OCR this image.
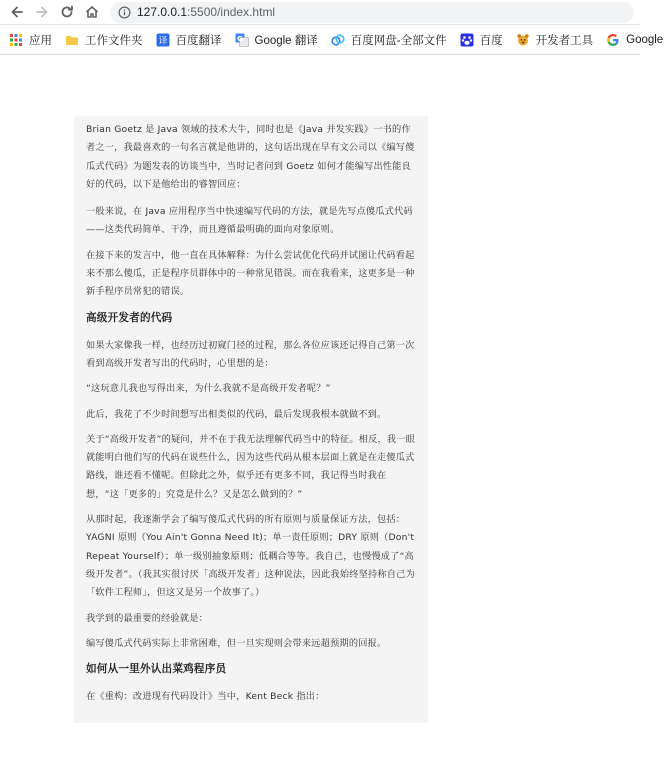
127.0.0.1:5500/index.html
应用	工作文件夹 译 百度翻译 G Google 翻译	百度网盘-全部文件	百度	开发者工具	Google

Brian Goetz 是 Java 领域的技术大牛，同时也是《Java 并发实践》一书的作者之一，我最喜欢的一句名言就是他讲的，这句话出现在早有文公司以《编写傻瓜式代码》为题发表的访谈当中，当时记者问到 Goetz 如何才能编写出性能良好的代码，以下是他给出的睿智回应：

一般来说，在 Java 应用程序当中快速编写代码的方法，就是先写点傻瓜式代码——这类代码简单、干净，而且遵循最明确的面向对象原则。

在接下来的发言中，他一直在具体解释：为什么尝试优化代码并试图让代码看起来不那么傻瓜，正是程序员群体中的一种常见错误。而在我看来，这更多是一种新手程序员常犯的错误。

高级开发者的代码

如果大家像我一样，也经历过初窥门径的过程，那么各位应该还记得自己第一次看到高级开发者写出的代码时，心里想的是：

“这玩意儿我也写得出来，为什么我就不是高级开发者呢？”

此后，我花了不少时间想写出相类似的代码，最后发现我根本就做不到。

关于“高级开发者”的疑问，并不在于我无法理解代码当中的特征。相反，我一眼就能明白他们写的代码在说些什么，因为这些代码从根本层面上就是在走傻瓜式路线，谁还看不懂呢。但除此之外，似乎还有更多不同，我记得当时我在想，“这「更多的」究竟是什么？又是怎么做到的？”

从那时起，我逐渐学会了编写傻瓜式代码的所有原则与质量保证方法，包括：YAGNI 原则（You Ain't Gonna Need It)；单一责任原则；DRY 原则（Don't Repeat Yourself）；单一级别抽象原则；低耦合等等。我自己，也慢慢成了“高级开发者”。（我其实很讨厌「高级开发者」这种说法，因此我始终坚持称自己为「软件工程师」，但这又是另一个故事了。）

我学到的最重要的经验就是：

编写傻瓜式代码实际上非常困难，但一旦实现则会带来远超预期的回报。

如何从一里外认出菜鸡程序员

在《重构：改进现有代码设计》当中，Kent Beck 指出：
